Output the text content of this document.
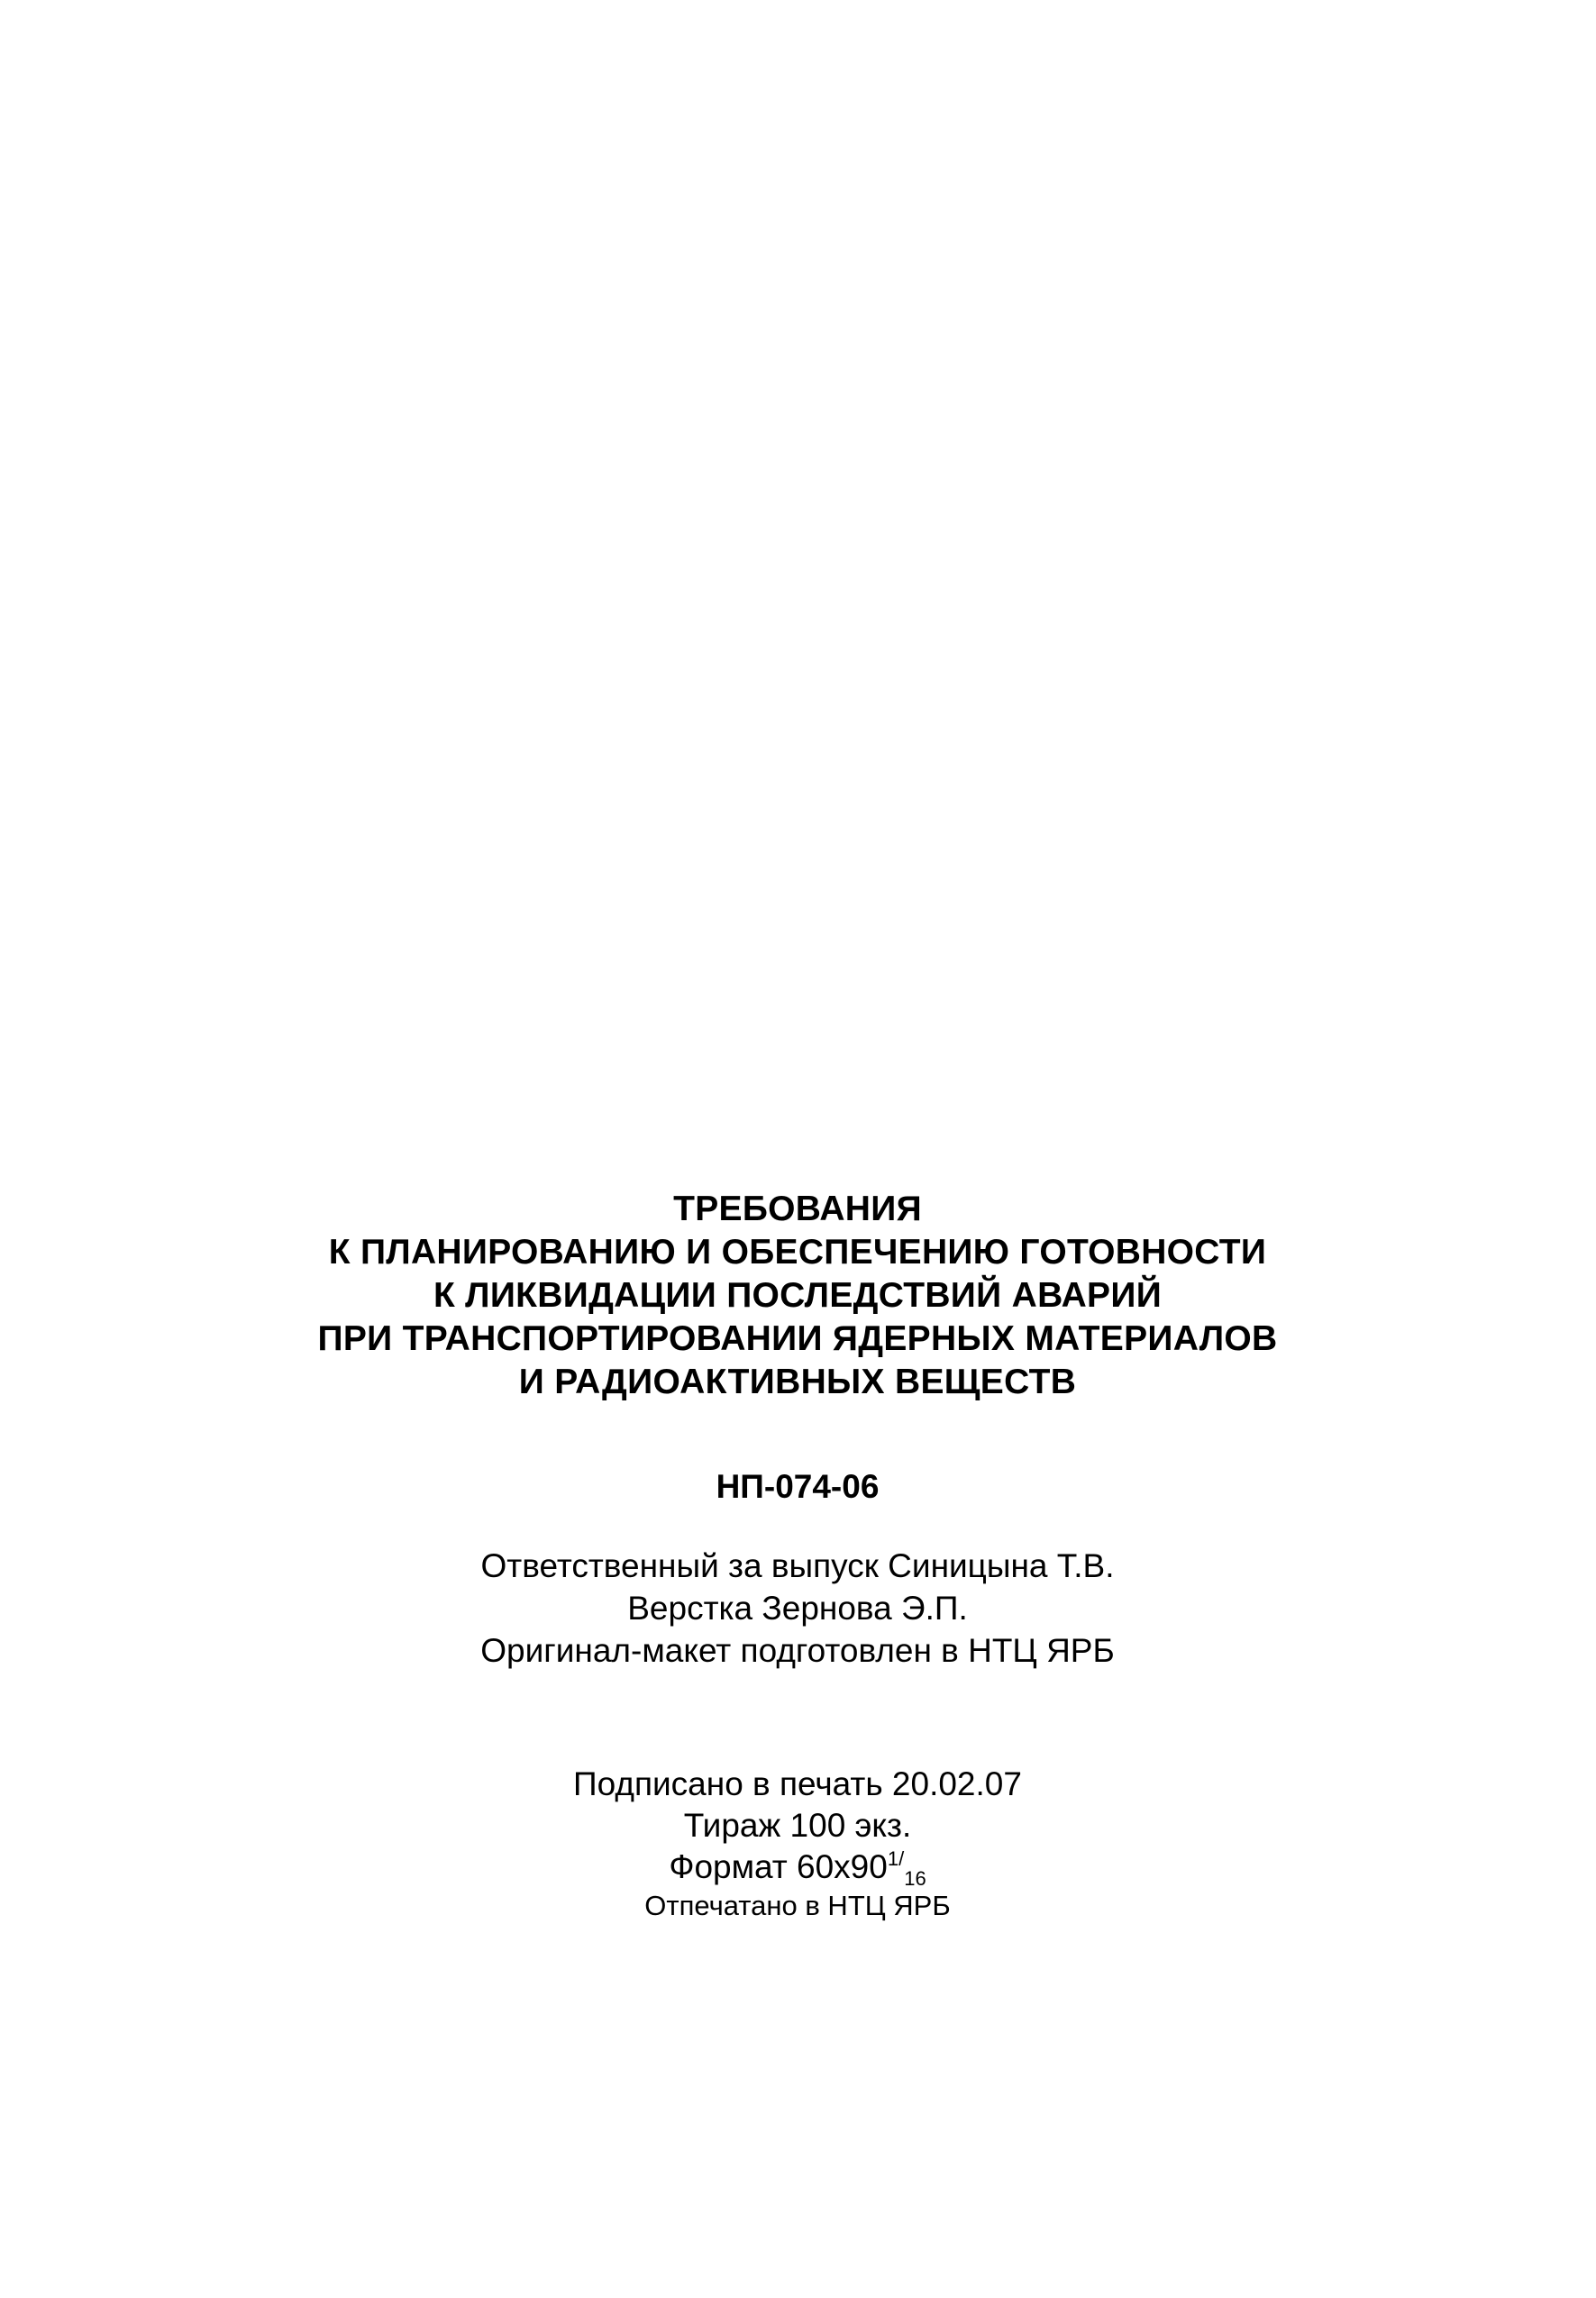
ТРЕБОВАНИЯ
К ПЛАНИРОВАНИЮ И ОБЕСПЕЧЕНИЮ ГОТОВНОСТИ
К ЛИКВИДАЦИИ ПОСЛЕДСТВИЙ АВАРИЙ
ПРИ ТРАНСПОРТИРОВАНИИ ЯДЕРНЫХ МАТЕРИАЛОВ
И РАДИОАКТИВНЫХ ВЕЩЕСТВ
НП-074-06
Ответственный за выпуск Синицына Т.В.
Верстка Зернова Э.П.
Оригинал-макет подготовлен в НТЦ ЯРБ
Подписано в печать 20.02.07
Тираж 100 экз.
Формат $60х90^{1/}_{16}$
Отпечатано в НТЦ ЯРБ
